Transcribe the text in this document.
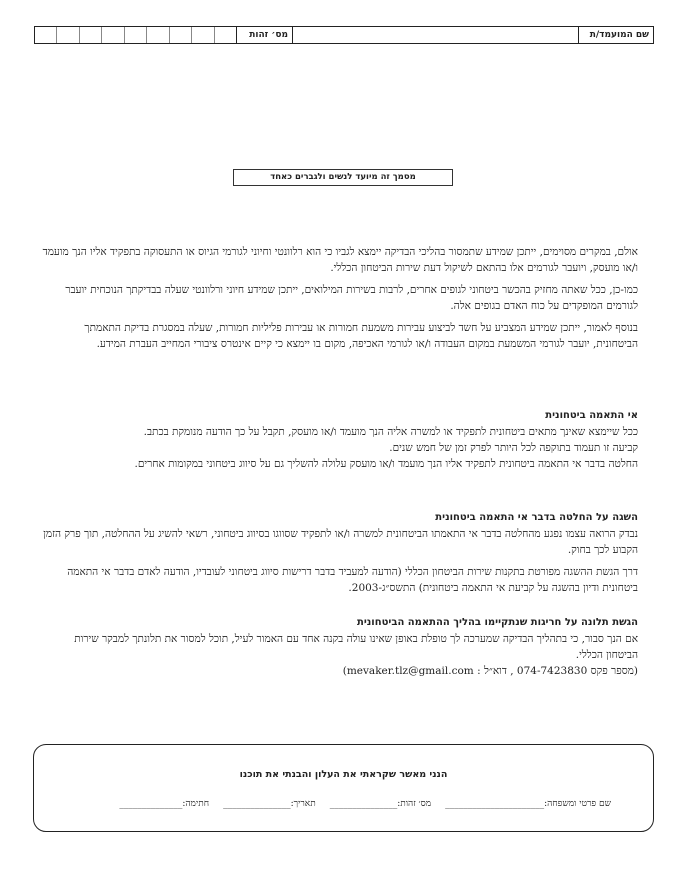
שם המועמד/ת
מס׳ זהות
מסמך זה מיועד לנשים ולגברים כאחד

אולם, במקרים מסוימים, ייתכן שמידע שתמסור בהליכי הבדיקה יימצא לגביו כי הוא רלוונטי וחיוני לגורמי הגיוס או התעסוקה בתפקיד אליו הנך מועמד ו/או מועסק, ויועבר לגורמים אלו בהתאם לשיקול דעת שירות הביטחון הכללי.

כמו-כן, ככל שאתה מחזיק בהכשר ביטחוני לגופים אחרים, לרבות בשירות המילואים, ייתכן שמידע חיוני ורלוונטי שעלה בבדיקתך הנוכחית יועבר לגורמים המופקדים על כוח האדם בגופים אלה.

בנוסף לאמור, ייתכן שמידע המצביע על חשד לביצוע עבירות משמעת חמורות או עבירות פליליות חמורות, שעלה במסגרת בדיקת התאמתך הביטחונית, יועבר לגורמי המשמעת במקום העבודה ו/או לגורמי האכיפה, מקום בו יימצא כי קיים אינטרס ציבורי המחייב העברת המידע.

אי התאמה ביטחונית

ככל שיימצא שאינך מתאים ביטחונית לתפקיד או למשרה אליה הנך מועמד ו/או מועסק, תקבל על כך הודעה מנומקת בכתב.

קביעה זו תעמוד בתוקפה לכל היותר לפרק זמן של חמש שנים.

החלטה בדבר אי התאמה ביטחונית לתפקיד אליו הנך מועמד ו/או מועסק עלולה להשליך גם על סיווג ביטחוני במקומות אחרים.

השגה על החלטה בדבר אי התאמה ביטחונית

נבדק הרואה עצמו נפגע מהחלטה בדבר אי התאמתו הביטחונית למשרה ו/או לתפקיד שסווגו בסיווג ביטחוני, רשאי להשיג על ההחלטה, תוך פרק הזמן הקבוע לכך בחוק.

דרך הגשת ההשגה מפורטת בתקנות שירות הביטחון הכללי (הודעה למעביד בדבר דרישות סיווג ביטחוני לעובדיו, הודעה לאדם בדבר אי התאמה ביטחונית ודיון בהשגה על קביעת אי התאמה ביטחונית) התשס״ג-2003.

הגשת תלונה על חריגות שנתקיימו בהליך ההתאמה הביטחונית

אם הנך סבור, כי בתהליך הבדיקה שמערכה לך טופלת באופן שאינו עולה בקנה אחד עם האמור לעיל, תוכל למסור את תלונתך למבקר שירות הביטחון הכללי.

(מספר פקס 074-7423830 , דוא״ל : mevaker.tlz@gmail.com)

הנני מאשר שקראתי את העלון והבנתי את תוכנו
שם פרטי ומשפחה:______________________
מס׳ זהות:_______________
תאריך:_______________
חתימה:______________
